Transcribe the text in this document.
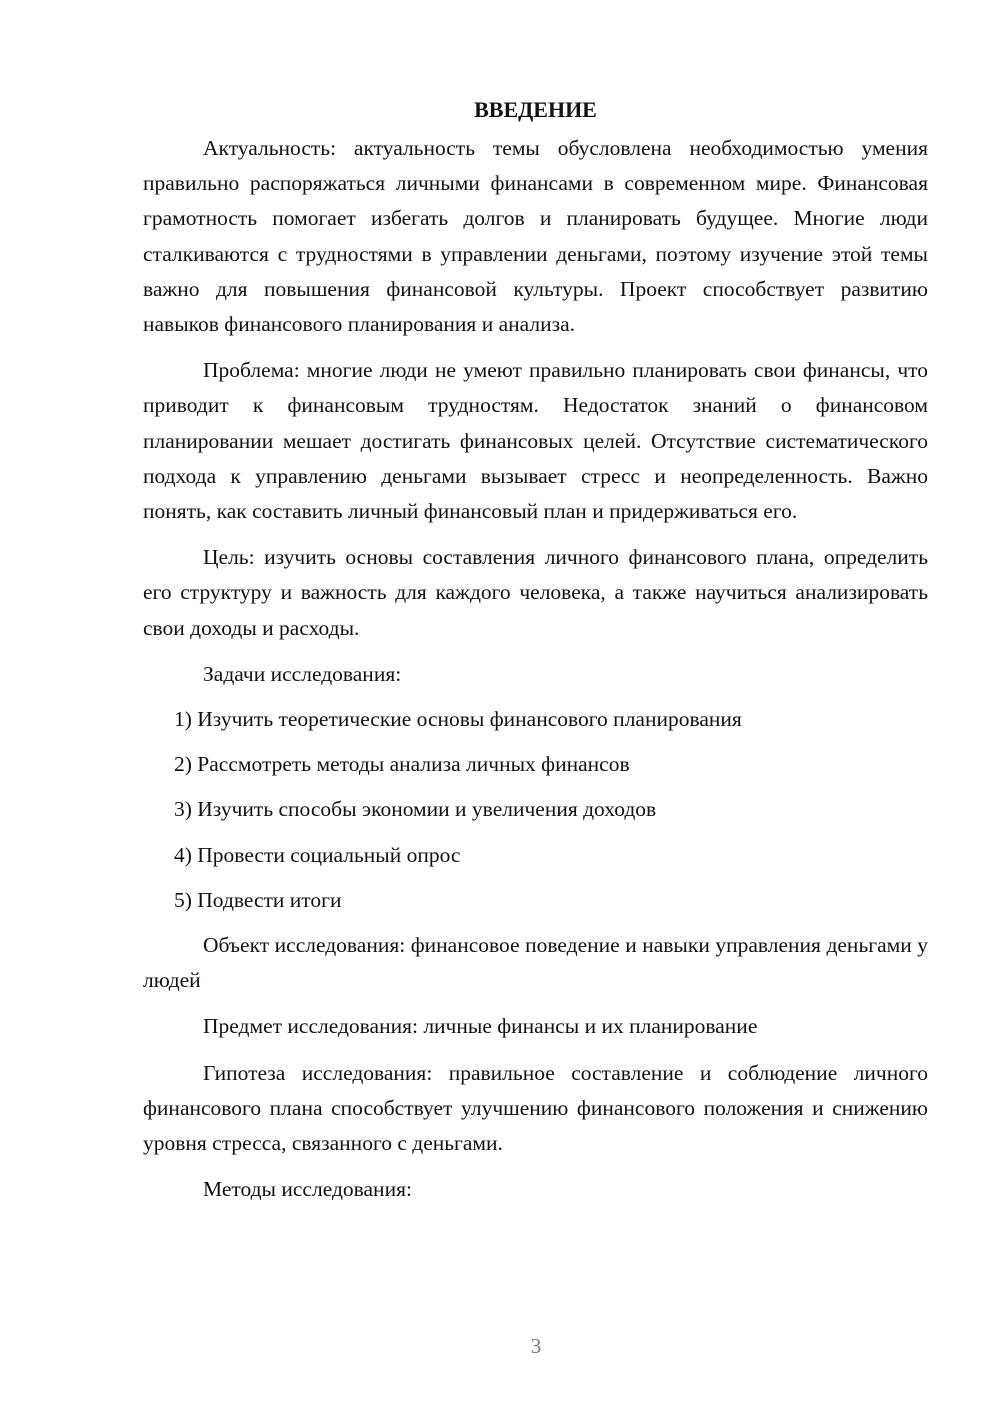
ВВЕДЕНИЕ

Актуальность: актуальность темы обусловлена необходимостью умения правильно распоряжаться личными финансами в современном мире. Финансовая грамотность помогает избегать долгов и планировать будущее. Многие люди сталкиваются с трудностями в управлении деньгами, поэтому изучение этой темы важно для повышения финансовой культуры. Проект способствует развитию навыков финансового планирования и анализа.

Проблема: многие люди не умеют правильно планировать свои финансы, что приводит к финансовым трудностям. Недостаток знаний о финансовом планировании мешает достигать финансовых целей. Отсутствие систематического подхода к управлению деньгами вызывает стресс и неопределенность. Важно понять, как составить личный финансовый план и придерживаться его.

Цель: изучить основы составления личного финансового плана, определить его структуру и важность для каждого человека, а также научиться анализировать свои доходы и расходы.

Задачи исследования:
1) Изучить теоретические основы финансового планирования
2) Рассмотреть методы анализа личных финансов
3) Изучить способы экономии и увеличения доходов
4) Провести социальный опрос
5) Подвести итоги

Объект исследования: финансовое поведение и навыки управления деньгами у людей

Предмет исследования: личные финансы и их планирование

Гипотеза исследования: правильное составление и соблюдение личного финансового плана способствует улучшению финансового положения и снижению уровня стресса, связанного с деньгами.

Методы исследования:

3
